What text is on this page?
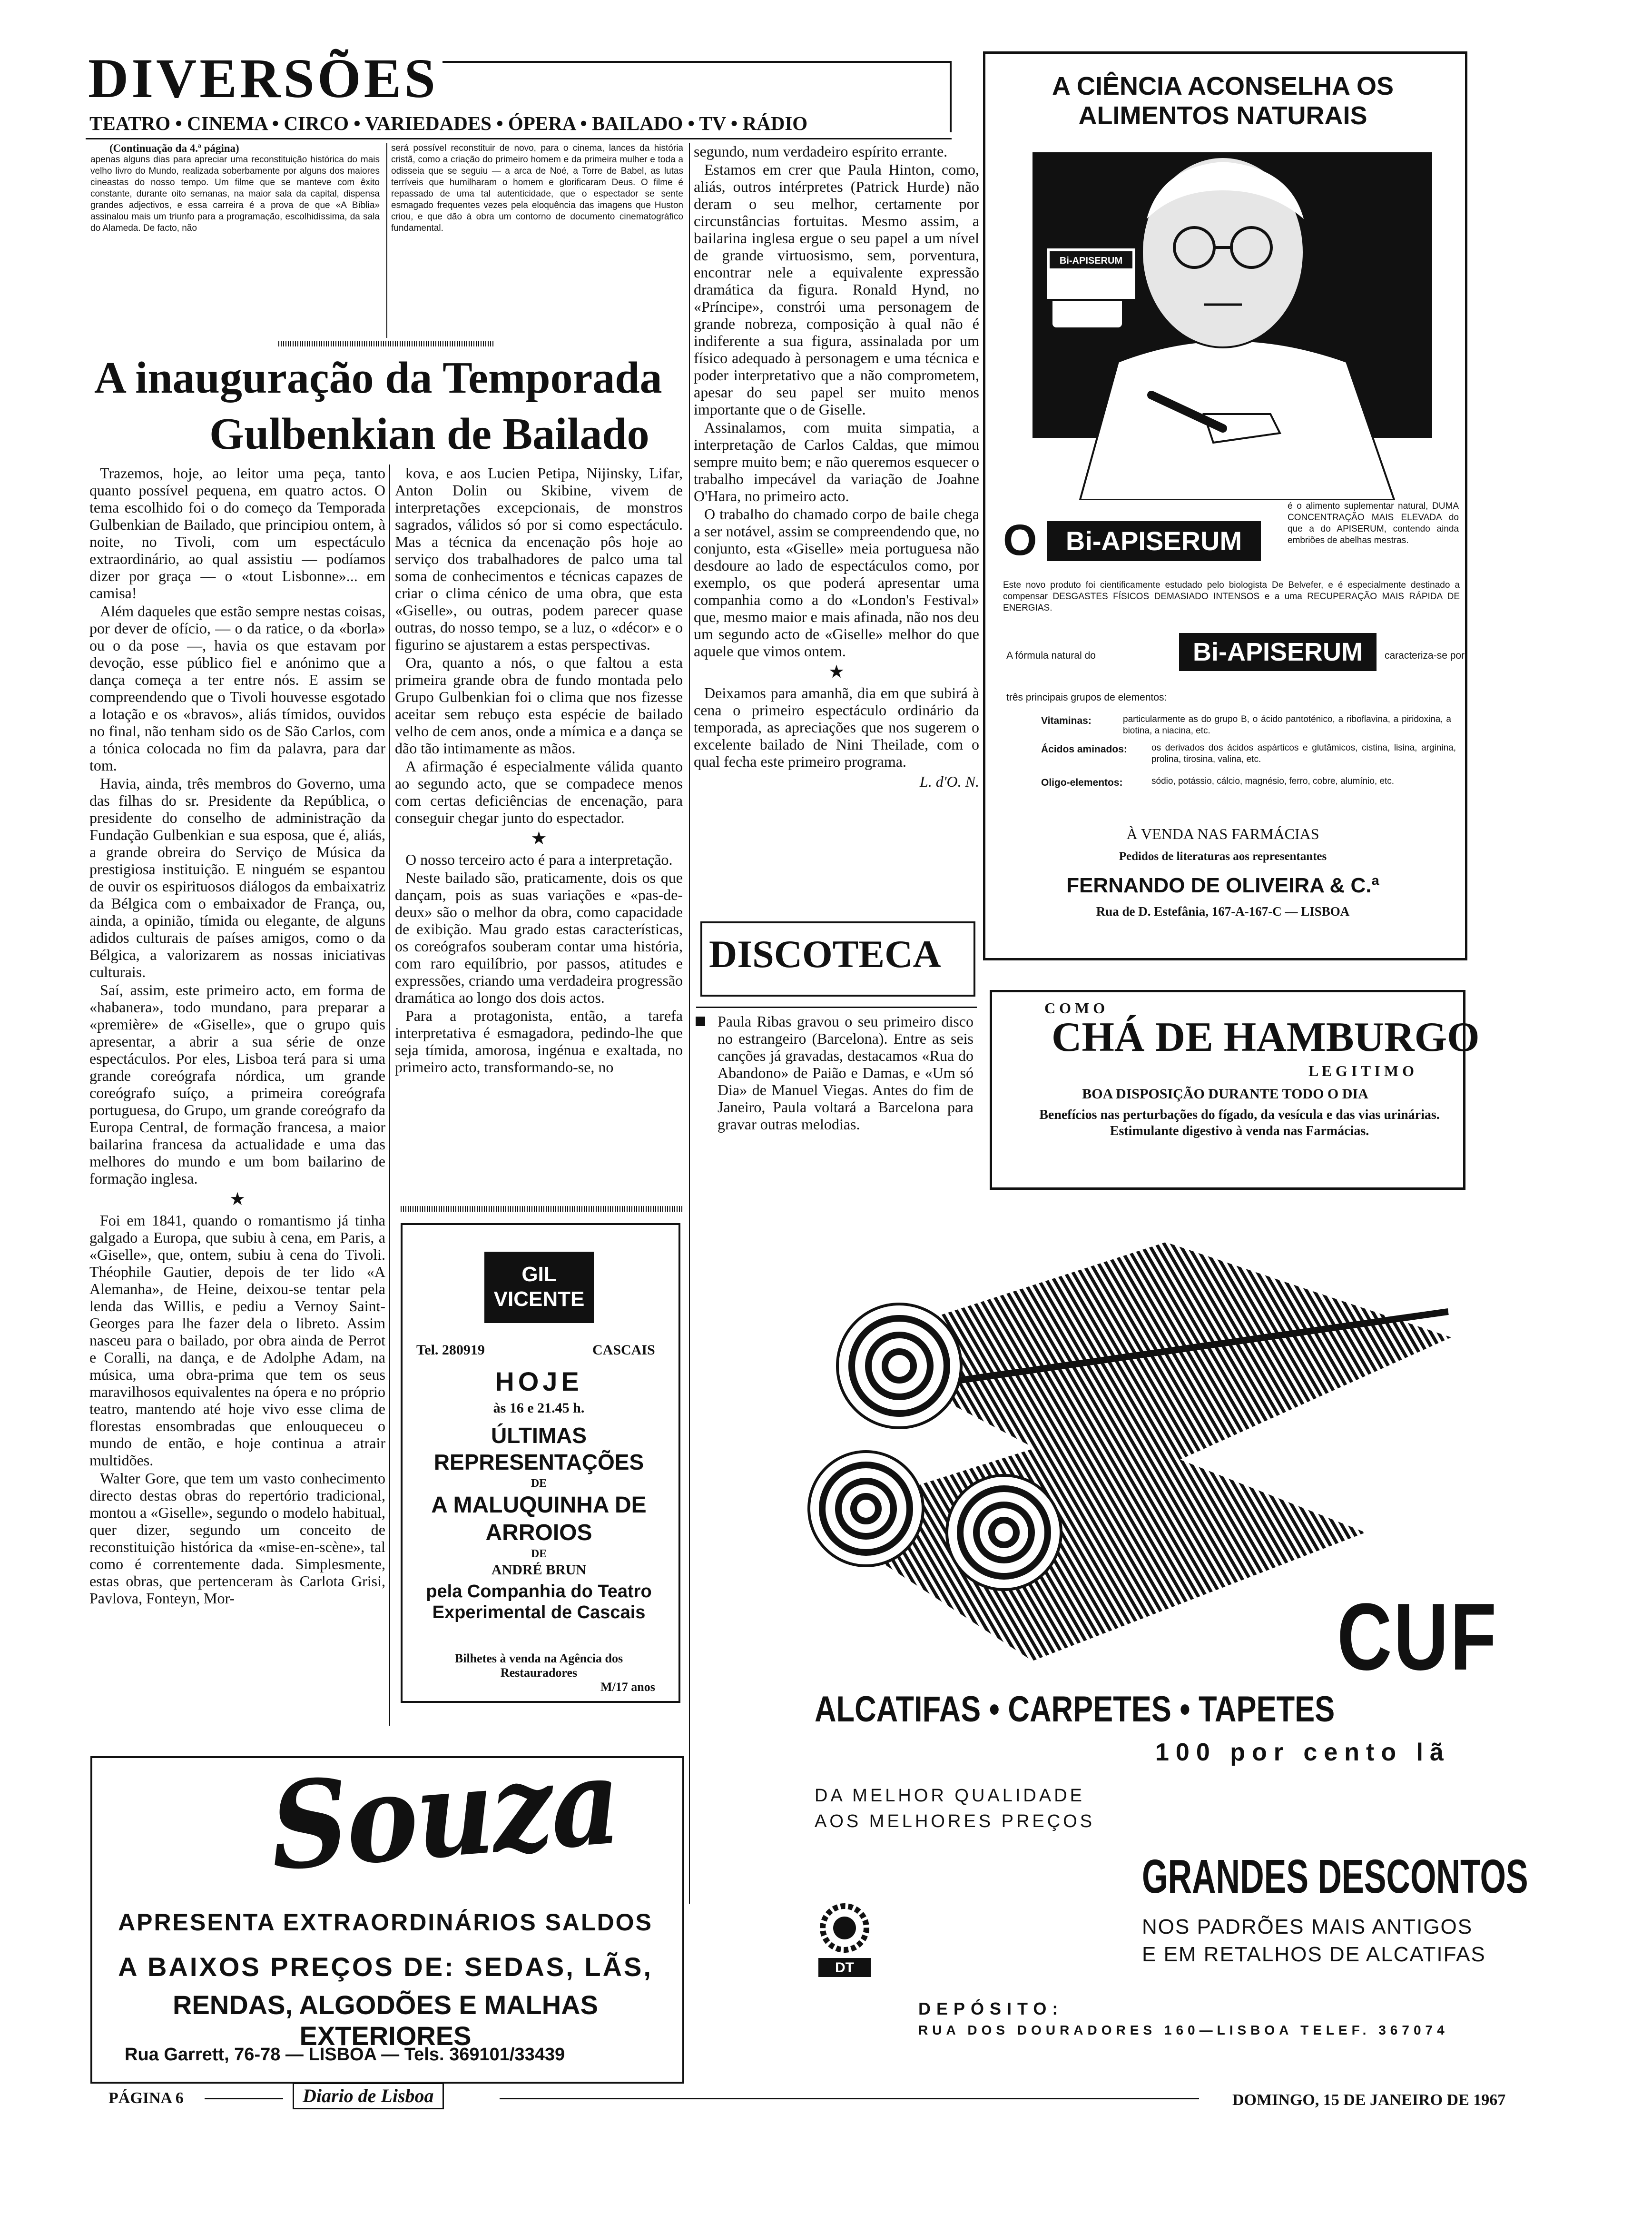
DIVERSÕES
TEATRO • CINEMA • CIRCO • VARIEDADES • ÓPERA • BAILADO • TV • RÁDIO

(Continuação da 4.ª página)

apenas alguns dias para apreciar uma reconstituição histórica do mais velho livro do Mundo, realizada soberbamente por alguns dos maiores cineastas do nosso tempo. Um filme que se manteve com êxito constante, durante oito semanas, na maior sala da capital, dispensa grandes adjectivos, e essa carreira é a prova de que «A Bíblia» assinalou mais um triunfo para a programação, escolhidíssima, da sala do Alameda. De facto, não

será possível reconstituir de novo, para o cinema, lances da história cristã, como a criação do primeiro homem e da primeira mulher e toda a odisseia que se seguiu — a arca de Noé, a Torre de Babel, as lutas terríveis que humilharam o homem e glorificaram Deus. O filme é repassado de uma tal autenticidade, que o espectador se sente esmagado frequentes vezes pela eloquência das imagens que Huston criou, e que dão à obra um contorno de documento cinematográfico fundamental.

A inauguração da Temporada
Gulbenkian de Bailado

Trazemos, hoje, ao leitor uma peça, tanto quanto possível pequena, em quatro actos. O tema escolhido foi o do começo da Temporada Gulbenkian de Bailado, que principiou ontem, à noite, no Tivoli, com um espectáculo extraordinário, ao qual assistiu — podíamos dizer por graça — o «tout Lisbonne»... em camisa!

Além daqueles que estão sempre nestas coisas, por dever de ofício, — o da ratice, o da «borla» ou o da pose —, havia os que estavam por devoção, esse público fiel e anónimo que a dança começa a ter entre nós. E assim se compreendendo que o Tivoli houvesse esgotado a lotação e os «bravos», aliás tímidos, ouvidos no final, não tenham sido os de São Carlos, com a tónica colocada no fim da palavra, para dar tom.

Havia, ainda, três membros do Governo, uma das filhas do sr. Presidente da República, o presidente do conselho de administração da Fundação Gulbenkian e sua esposa, que é, aliás, a grande obreira do Serviço de Música da prestigiosa instituição. E ninguém se espantou de ouvir os espirituosos diálogos da embaixatriz da Bélgica com o embaixador de França, ou, ainda, a opinião, tímida ou elegante, de alguns adidos culturais de países amigos, como o da Bélgica, a valorizarem as nossas iniciativas culturais.

Saí, assim, este primeiro acto, em forma de «habanera», todo mundano, para preparar a «première» de «Giselle», que o grupo quis apresentar, a abrir a sua série de onze espectáculos. Por eles, Lisboa terá para si uma grande coreógrafa nórdica, um grande coreógrafo suíço, a primeira coreógrafa portuguesa, do Grupo, um grande coreógrafo da Europa Central, de formação francesa, a maior bailarina francesa da actualidade e uma das melhores do mundo e um bom bailarino de formação inglesa.

★

Foi em 1841, quando o romantismo já tinha galgado a Europa, que subiu à cena, em Paris, a «Giselle», que, ontem, subiu à cena do Tivoli. Théophile Gautier, depois de ter lido «A Alemanha», de Heine, deixou-se tentar pela lenda das Willis, e pediu a Vernoy Saint-Georges para lhe fazer dela o libreto. Assim nasceu para o bailado, por obra ainda de Perrot e Coralli, na dança, e de Adolphe Adam, na música, uma obra-prima que tem os seus maravilhosos equivalentes na ópera e no próprio teatro, mantendo até hoje vivo esse clima de florestas ensombradas que enlouqueceu o mundo de então, e hoje continua a atrair multidões.

Walter Gore, que tem um vasto conhecimento directo destas obras do repertório tradicional, montou a «Giselle», segundo o modelo habitual, quer dizer, segundo um conceito de reconstituição histórica da «mise-en-scène», tal como é correntemente dada. Simplesmente, estas obras, que pertenceram às Carlota Grisi, Pavlova, Fonteyn, Mor-

kova, e aos Lucien Petipa, Nijinsky, Lifar, Anton Dolin ou Skibine, vivem de interpretações excepcionais, de monstros sagrados, válidos só por si como espectáculo. Mas a técnica da encenação pôs hoje ao serviço dos trabalhadores de palco uma tal soma de conhecimentos e técnicas capazes de criar o clima cénico de uma obra, que esta «Giselle», ou outras, podem parecer quase outras, do nosso tempo, se a luz, o «décor» e o figurino se ajustarem a estas perspectivas.

Ora, quanto a nós, o que faltou a esta primeira grande obra de fundo montada pelo Grupo Gulbenkian foi o clima que nos fizesse aceitar sem rebuço esta espécie de bailado velho de cem anos, onde a mímica e a dança se dão tão intimamente as mãos.

A afirmação é especialmente válida quanto ao segundo acto, que se compadece menos com certas deficiências de encenação, para conseguir chegar junto do espectador.

★

O nosso terceiro acto é para a interpretação.

Neste bailado são, praticamente, dois os que dançam, pois as suas variações e «pas-de-deux» são o melhor da obra, como capacidade de exibição. Mau grado estas características, os coreógrafos souberam contar uma história, com raro equilíbrio, por passos, atitudes e expressões, criando uma verdadeira progressão dramática ao longo dos dois actos.

Para a protagonista, então, a tarefa interpretativa é esmagadora, pedindo-lhe que seja tímida, amorosa, ingénua e exaltada, no primeiro acto, transformando-se, no

segundo, num verdadeiro espírito errante.

Estamos em crer que Paula Hinton, como, aliás, outros intérpretes (Patrick Hurde) não deram o seu melhor, certamente por circunstâncias fortuitas. Mesmo assim, a bailarina inglesa ergue o seu papel a um nível de grande virtuosismo, sem, porventura, encontrar nele a equivalente expressão dramática da figura. Ronald Hynd, no «Príncipe», constrói uma personagem de grande nobreza, composição à qual não é indiferente a sua figura, assinalada por um físico adequado à personagem e uma técnica e poder interpretativo que a não comprometem, apesar do seu papel ser muito menos importante que o de Giselle.

Assinalamos, com muita simpatia, a interpretação de Carlos Caldas, que mimou sempre muito bem; e não queremos esquecer o trabalho impecável da variação de Joahne O'Hara, no primeiro acto.

O trabalho do chamado corpo de baile chega a ser notável, assim se compreendendo que, no conjunto, esta «Giselle» meia portuguesa não desdoure ao lado de espectáculos como, por exemplo, os que poderá apresentar uma companhia como a do «London's Festival» que, mesmo maior e mais afinada, não nos deu um segundo acto de «Giselle» melhor do que aquele que vimos ontem.

★

Deixamos para amanhã, dia em que subirá à cena o primeiro espectáculo ordinário da temporada, as apreciações que nos sugerem o excelente bailado de Nini Theilade, com o qual fecha este primeiro programa.

L. d'O. N.

DISCOTECA

Paula Ribas gravou o seu primeiro disco no estrangeiro (Barcelona). Entre as seis canções já gravadas, destacamos «Rua do Abandono» de Paião e Damas, e «Um só Dia» de Manuel Viegas. Antes do fim de Janeiro, Paula voltará a Barcelona para gravar outras melodias.

GIL VICENTE
Tel. 280919	CASCAIS
HOJE
às 16 e 21.45 h.
ÚLTIMAS REPRESENTAÇÕES
DE
A MALUQUINHA DE ARROIOS
DE
ANDRÉ BRUN
pela Companhia do Teatro Experimental de Cascais
Bilhetes à venda na Agência dos Restauradores
M/17 anos
A CIÊNCIA ACONSELHA OS ALIMENTOS NATURAIS
Bi-APISERUM
O	Bi-APISERUM

é o alimento suplementar natural, DUMA CONCENTRAÇÃO MAIS ELEVADA do que a do APISERUM, contendo ainda embriões de abelhas mestras.

Este novo produto foi cientificamente estudado pelo biologista De Belvefer, e é especialmente destinado a compensar DESGASTES FÍSICOS DEMASIADO INTENSOS e a uma RECUPERAÇÃO MAIS RÁPIDA DE ENERGIAS.

A fórmula natural do	Bi-APISERUM	caracteriza-se por
três principais grupos de elementos:
Vitaminas:	particularmente as do grupo B, o ácido pantoténico, a riboflavina, a piridoxina, a biotina, a niacina, etc.

Ácidos aminados:	os derivados dos ácidos aspárticos e glutâmicos, cistina, lisina, arginina, prolina, tirosina, valina, etc.

Oligo-elementos:	sódio, potássio, cálcio, magnésio, ferro, cobre, alumínio, etc.

À VENDA NAS FARMÁCIAS
Pedidos de literaturas aos representantes
FERNANDO DE OLIVEIRA & C.ª
Rua de D. Estefânia, 167-A-167-C — LISBOA
C O M O
CHÁ DE HAMBURGO
L E G I T I M O
BOA DISPOSIÇÃO DURANTE TODO O DIA
Benefícios nas perturbações do fígado, da vesícula e das vias urinárias. Estimulante digestivo à venda nas Farmácias.
CUF
ALCATIFAS • CARPETES • TAPETES
100 por cento lã
DA MELHOR QUALIDADE
AOS MELHORES PREÇOS
GRANDES DESCONTOS
NOS PADRÕES MAIS ANTIGOS
E EM RETALHOS DE ALCATIFAS
DT
DEPÓSITO:
RUA DOS DOURADORES 160—LISBOA TELEF. 367074
Souza
APRESENTA EXTRAORDINÁRIOS SALDOS
A BAIXOS PREÇOS DE: SEDAS, LÃS,
RENDAS, ALGODÕES E MALHAS EXTERIORES
Rua Garrett, 76-78 — LISBOA — Tels. 369101/33439
PÁGINA 6	Diario de Lisboa	DOMINGO, 15 DE JANEIRO DE 1967
